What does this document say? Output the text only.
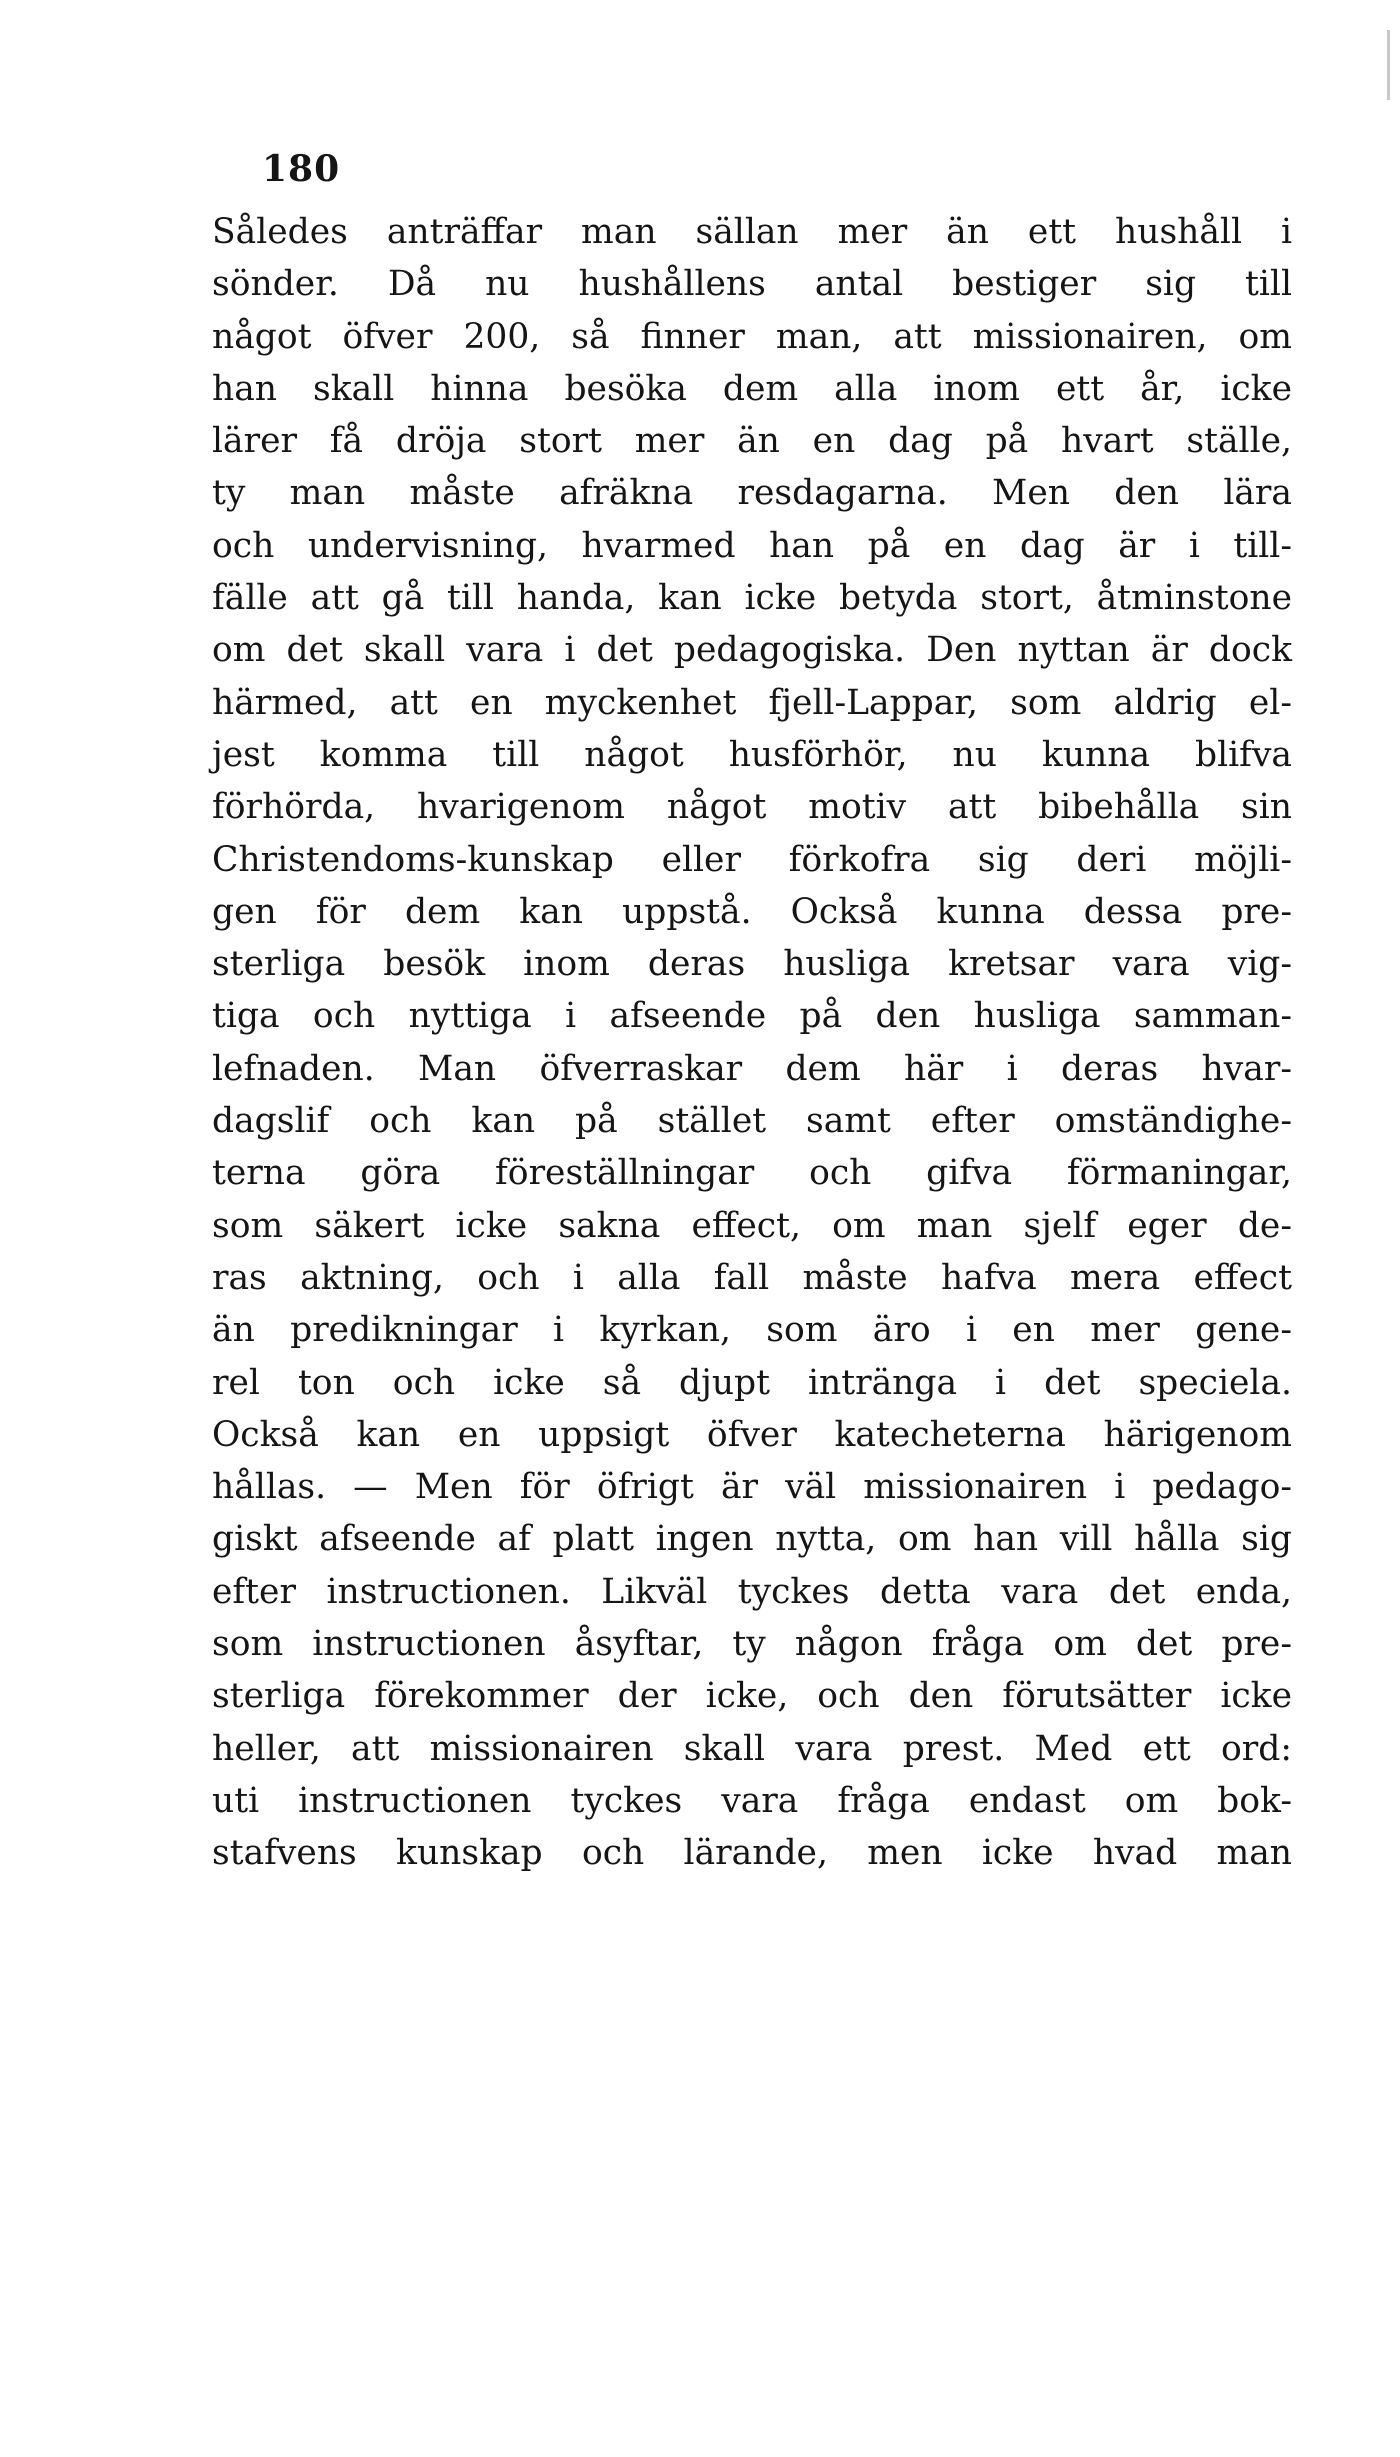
180
Således anträffar man sällan mer än ett hushåll i
sönder. Då nu hushållens antal bestiger sig till
något öfver 200, så finner man, att missionairen, om
han skall hinna besöka dem alla inom ett år, icke
lärer få dröja stort mer än en dag på hvart ställe,
ty man måste afräkna resdagarna. Men den lära
och undervisning, hvarmed han på en dag är i till-
fälle att gå till handa, kan icke betyda stort, åtminstone
om det skall vara i det pedagogiska. Den nyttan är dock
härmed, att en myckenhet fjell-Lappar, som aldrig el-
jest komma till något husförhör, nu kunna blifva
förhörda, hvarigenom något motiv att bibehålla sin
Christendoms-kunskap eller förkofra sig deri möjli-
gen för dem kan uppstå. Också kunna dessa pre-
sterliga besök inom deras husliga kretsar vara vig-
tiga och nyttiga i afseende på den husliga samman-
lefnaden. Man öfverraskar dem här i deras hvar-
dagslif och kan på stället samt efter omständighe-
terna göra föreställningar och gifva förmaningar,
som säkert icke sakna effect, om man sjelf eger de-
ras aktning, och i alla fall måste hafva mera effect
än predikningar i kyrkan, som äro i en mer gene-
rel ton och icke så djupt intränga i det speciela.
Också kan en uppsigt öfver katecheterna härigenom
hållas. — Men för öfrigt är väl missionairen i pedago-
giskt afseende af platt ingen nytta, om han vill hålla sig
efter instructionen. Likväl tyckes detta vara det enda,
som instructionen åsyftar, ty någon fråga om det pre-
sterliga förekommer der icke, och den förutsätter icke
heller, att missionairen skall vara prest. Med ett ord:
uti instructionen tyckes vara fråga endast om bok-
stafvens kunskap och lärande, men icke hvad man
